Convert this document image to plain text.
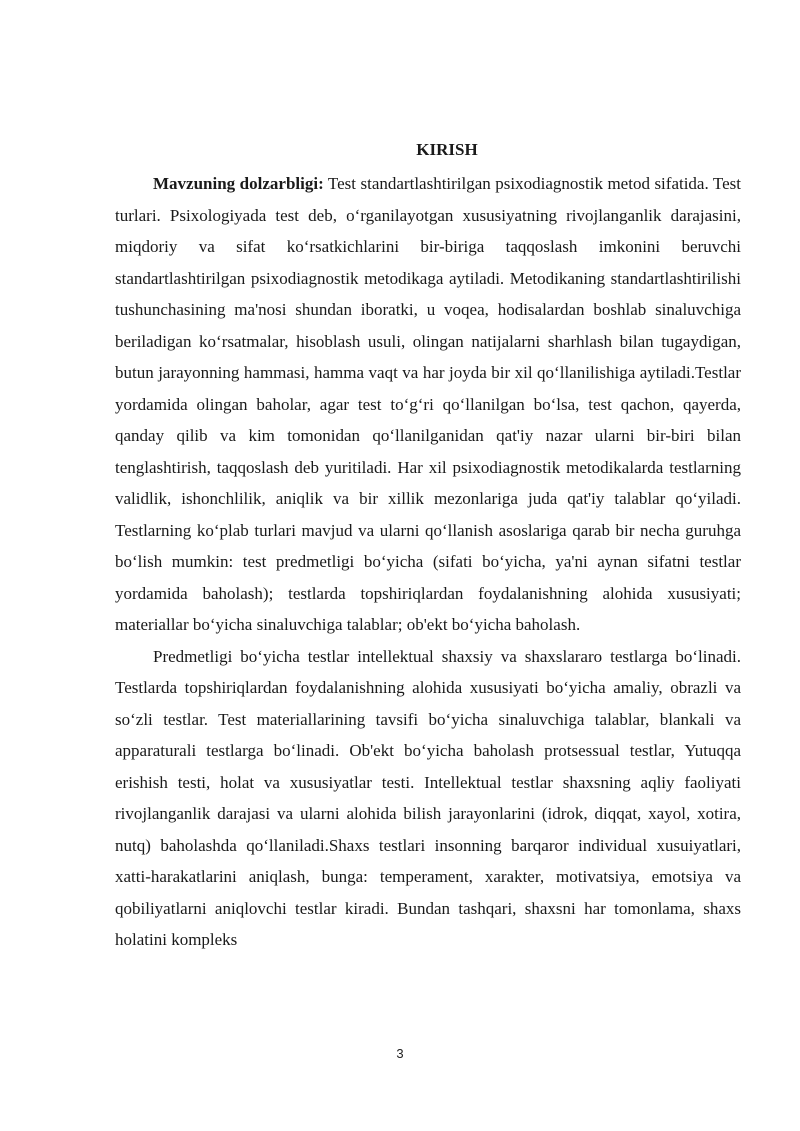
KIRISH

Mavzuning dolzarbligi: Test standartlashtirilgan psixodiagnostik metod sifatida. Test turlari. Psixologiyada test deb, o‘rganilayotgan xususiyatning rivojlanganlik darajasini, miqdoriy va sifat ko‘rsatkichlarini bir-biriga taqqoslash imkonini beruvchi standartlashtirilgan psixodiagnostik metodikaga aytiladi. Metodikaning standartlashtirilishi tushunchasining ma'nosi shundan iboratki, u voqea, hodisalardan boshlab sinaluvchiga beriladigan ko‘rsatmalar, hisoblash usuli, olingan natijalarni sharhlash bilan tugaydigan, butun jarayonning hammasi, hamma vaqt va har joyda bir xil qo‘llanilishiga aytiladi.Testlar yordamida olingan baholar, agar test to‘g‘ri qo‘llanilgan bo‘lsa, test qachon, qayerda, qanday qilib va kim tomonidan qo‘llanilganidan qat'iy nazar ularni bir-biri bilan tenglashtirish, taqqoslash deb yuritiladi. Har xil psixodiagnostik metodikalarda testlarning validlik, ishonchlilik, aniqlik va bir xillik mezonlariga juda qat'iy talablar qo‘yiladi. Testlarning ko‘plab turlari mavjud va ularni qo‘llanish asoslariga qarab bir necha guruhga bo‘lish mumkin: test predmetligi bo‘yicha (sifati bo‘yicha, ya'ni aynan sifatni testlar yordamida baholash); testlarda topshiriqlardan foydalanishning alohida xususiyati; materiallar bo‘yicha sinaluvchiga talablar; ob'ekt bo‘yicha baholash.

Predmetligi bo‘yicha testlar intellektual shaxsiy va shaxslararo testlarga bo‘linadi. Testlarda topshiriqlardan foydalanishning alohida xususiyati bo‘yicha amaliy, obrazli va so‘zli testlar. Test materiallarining tavsifi bo‘yicha sinaluvchiga talablar, blankali va apparaturali testlarga bo‘linadi. Ob'ekt bo‘yicha baholash protsessual testlar, Yutuqqa erishish testi, holat va xususiyatlar testi. Intellektual testlar shaxsning aqliy faoliyati rivojlanganlik darajasi va ularni alohida bilish jarayonlarini (idrok, diqqat, xayol, xotira, nutq) baholashda qo‘llaniladi.Shaxs testlari insonning barqaror individual xusuiyatlari, xatti-harakatlarini aniqlash, bunga: temperament, xarakter, motivatsiya, emotsiya va qobiliyatlarni aniqlovchi testlar kiradi. Bundan tashqari, shaxsni har tomonlama, shaxs holatini kompleks

3
